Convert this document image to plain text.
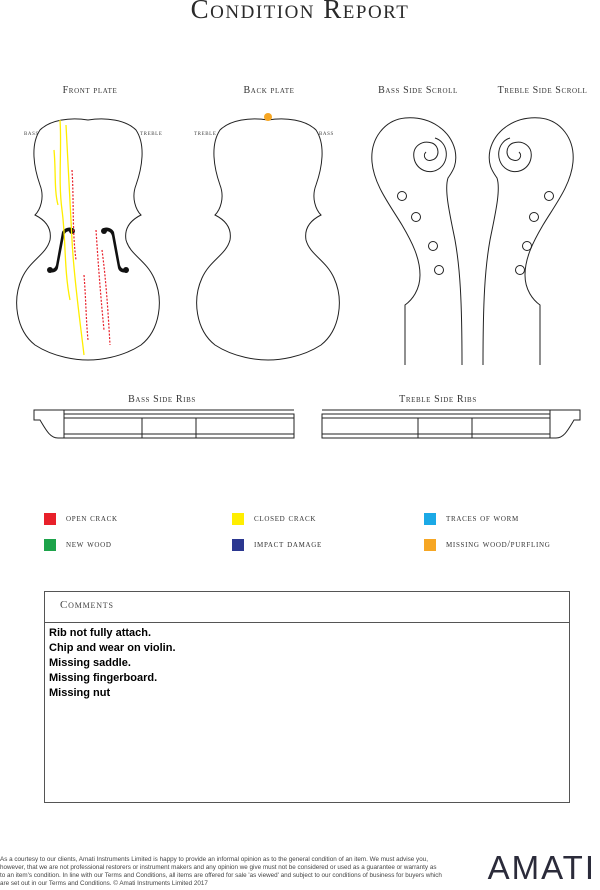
Condition Report
Front plate	Back plate	Bass Side Scroll	Treble Side Scroll
Bass Side Ribs	Treble Side Ribs
bass	treble	treble	bass
open crack	closed crack	traces of worm
new wood	impact damage	missing wood/purfling
Comments
Rib not fully attach.
Chip and wear on violin.
Missing saddle.
Missing fingerboard.
Missing nut
As a courtesy to our clients, Amati Instruments Limited is happy to provide an informal opinion as to the general condition of an item. We must advise you, however, that we are not professional restorers or instrument makers and any opinion we give must not be considered or used as a guarantee or warranty as to an item's condition. In line with our Terms and Conditions, all items are offered for sale 'as viewed' and subject to our conditions of business for buyers which are set out in our Terms and Conditions. © Amati Instruments Limited 2017	AMATI
